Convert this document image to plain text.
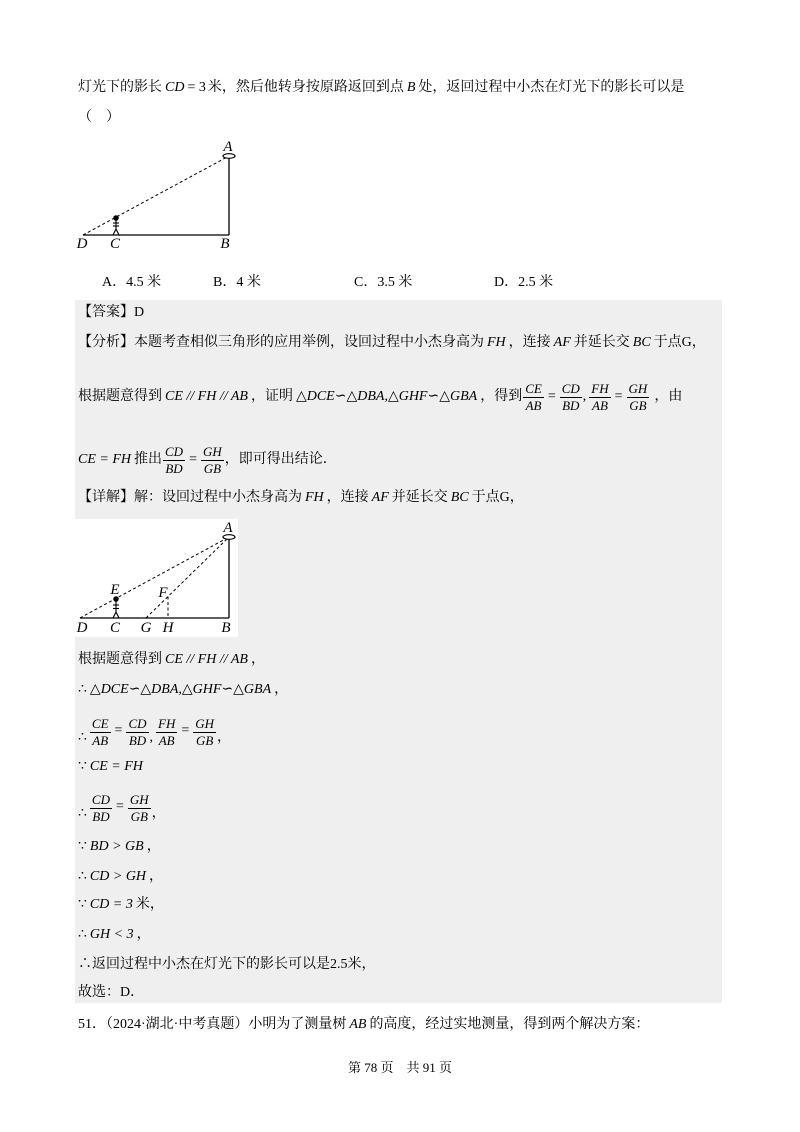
灯光下的影长 CD = 3 米，然后他转身按原路返回到点 B 处，返回过程中小杰在灯光下的影长可以是
（　）
A
D C	B
A．4.5 米	B．4 米	C．3.5 米	D．2.5 米
【答案】D
【分析】本题考查相似三角形的应用举例，设回过程中小杰身高为 FH ，连接 AF 并延长交 BC 于点G，
根据题意得到 CE // FH // AB ，证明 △DCE∽△DBA,△GHF∽△GBA ，得到 $\frac{CE}{AB} = \frac{CD}{BD}$ , $\frac{FH}{AB} = \frac{GH}{GB}$ ，由
CE = FH 推出 $\frac{CD}{BD} = \frac{GH}{GB}$ ，即可得出结论．
【详解】解：设回过程中小杰身高为 FH ，连接 AF 并延长交 BC 于点G，
A
E	F
D C G H	B
根据题意得到 CE // FH // AB ，
∴ △DCE∽△DBA,△GHF∽△GBA ，
∴ $\frac{CE}{AB} = \frac{CD}{BD}$ , $\frac{FH}{AB} = \frac{GH}{GB}$ ，
∵ CE = FH
∴ $\frac{CD}{BD} = \frac{GH}{GB}$ ，
∵ BD > GB ，
∴ CD > GH ，
∵ CD = 3 米，
∴ GH < 3 ，
∴返回过程中小杰在灯光下的影长可以是2.5米，
故选：D．
51．（2024·湖北·中考真题）小明为了测量树 AB 的高度，经过实地测量，得到两个解决方案：
第 78 页　共 91 页
